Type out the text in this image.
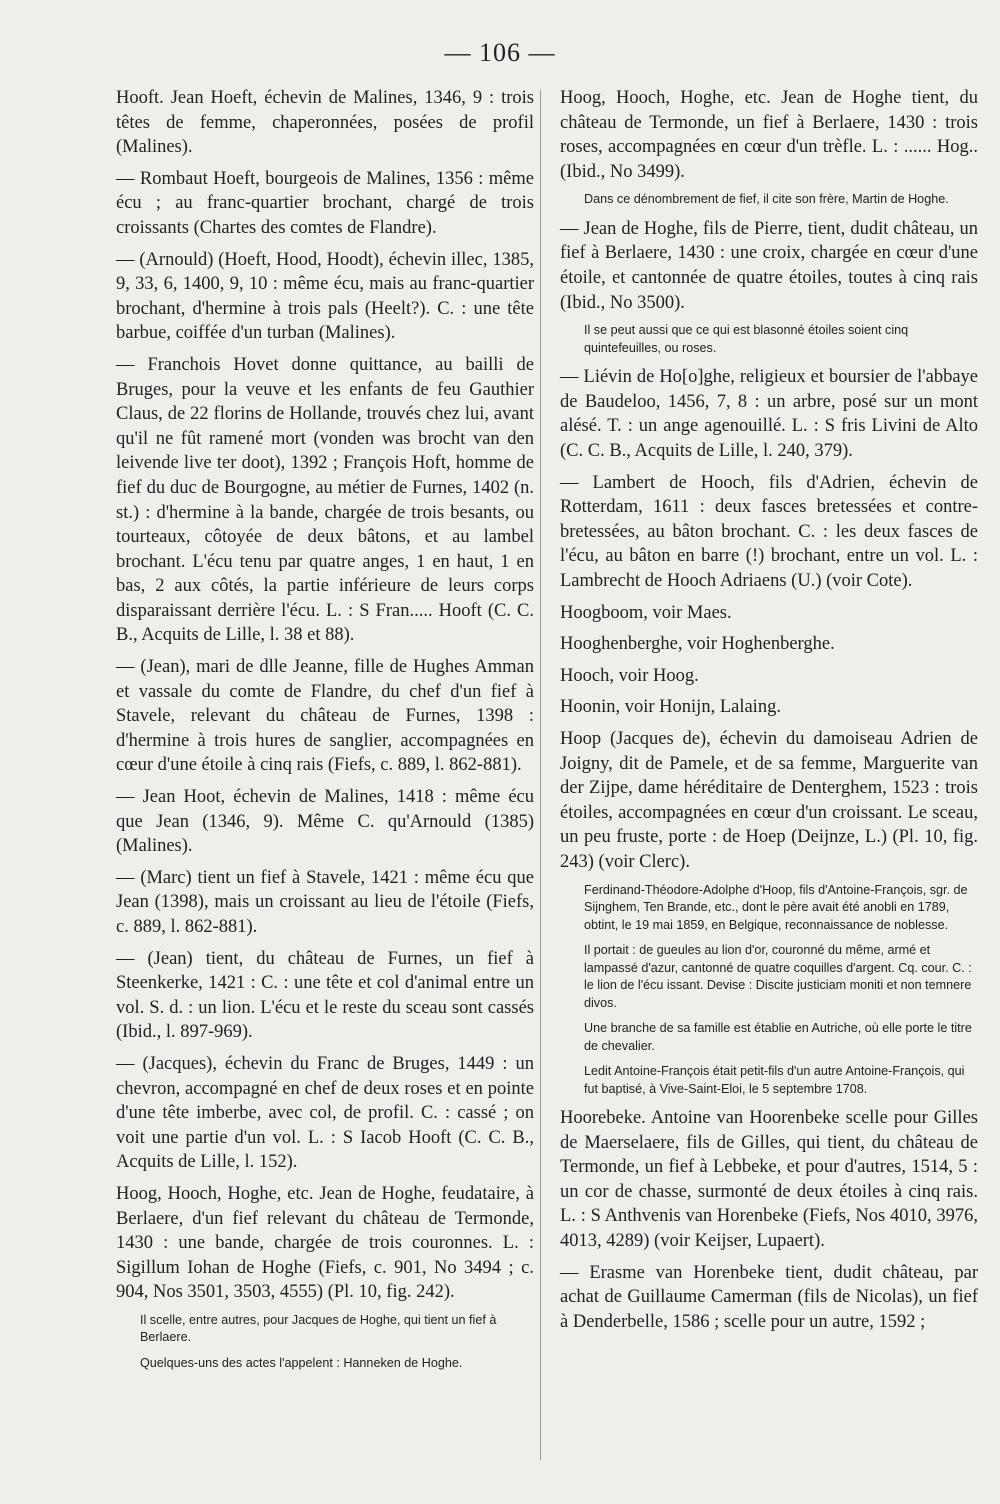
— 106 —

Hooft. Jean Hoeft, échevin de Malines, 1346, 9 : trois têtes de femme, chaperonnées, posées de profil (Malines).

— Rombaut Hoeft, bourgeois de Malines, 1356 : même écu ; au franc-quartier brochant, chargé de trois croissants (Chartes des comtes de Flandre).

— (Arnould) (Hoeft, Hood, Hoodt), échevin illec, 1385, 9, 33, 6, 1400, 9, 10 : même écu, mais au franc-quartier brochant, d'hermine à trois pals (Heelt?). C. : une tête barbue, coiffée d'un turban (Malines).

— Franchois Hovet donne quittance, au bailli de Bruges, pour la veuve et les enfants de feu Gauthier Claus, de 22 florins de Hollande, trouvés chez lui, avant qu'il ne fût ramené mort (vonden was brocht van den leivende live ter doot), 1392 ; François Hoft, homme de fief du duc de Bourgogne, au métier de Furnes, 1402 (n. st.) : d'hermine à la bande, chargée de trois besants, ou tourteaux, côtoyée de deux bâtons, et au lambel brochant. L'écu tenu par quatre anges, 1 en haut, 1 en bas, 2 aux côtés, la partie inférieure de leurs corps disparaissant derrière l'écu. L. : S Fran..... Hooft (C. C. B., Acquits de Lille, l. 38 et 88).

— (Jean), mari de dlle Jeanne, fille de Hughes Amman et vassale du comte de Flandre, du chef d'un fief à Stavele, relevant du château de Furnes, 1398 : d'hermine à trois hures de sanglier, accompagnées en cœur d'une étoile à cinq rais (Fiefs, c. 889, l. 862-881).

— Jean Hoot, échevin de Malines, 1418 : même écu que Jean (1346, 9). Même C. qu'Arnould (1385) (Malines).

— (Marc) tient un fief à Stavele, 1421 : même écu que Jean (1398), mais un croissant au lieu de l'étoile (Fiefs, c. 889, l. 862-881).

— (Jean) tient, du château de Furnes, un fief à Steenkerke, 1421 : C. : une tête et col d'animal entre un vol. S. d. : un lion. L'écu et le reste du sceau sont cassés (Ibid., l. 897-969).

— (Jacques), échevin du Franc de Bruges, 1449 : un chevron, accompagné en chef de deux roses et en pointe d'une tête imberbe, avec col, de profil. C. : cassé ; on voit une partie d'un vol. L. : S Iacob Hooft (C. C. B., Acquits de Lille, l. 152).

Hoog, Hooch, Hoghe, etc. Jean de Hoghe, feudataire, à Berlaere, d'un fief relevant du château de Termonde, 1430 : une bande, chargée de trois couronnes. L. : Sigillum Iohan de Hoghe (Fiefs, c. 901, No 3494 ; c. 904, Nos 3501, 3503, 4555) (Pl. 10, fig. 242).

Il scelle, entre autres, pour Jacques de Hoghe, qui tient un fief à Berlaere.

Quelques-uns des actes l'appelent : Hanneken de Hoghe.

Hoog, Hooch, Hoghe, etc. Jean de Hoghe tient, du château de Termonde, un fief à Berlaere, 1430 : trois roses, accompagnées en cœur d'un trèfle. L. : ...... Hog.. (Ibid., No 3499).

Dans ce dénombrement de fief, il cite son frère, Martin de Hoghe.

— Jean de Hoghe, fils de Pierre, tient, dudit château, un fief à Berlaere, 1430 : une croix, chargée en cœur d'une étoile, et cantonnée de quatre étoiles, toutes à cinq rais (Ibid., No 3500).

Il se peut aussi que ce qui est blasonné étoiles soient cinq quintefeuilles, ou roses.

— Liévin de Ho[o]ghe, religieux et boursier de l'abbaye de Baudeloo, 1456, 7, 8 : un arbre, posé sur un mont alésé. T. : un ange agenouillé. L. : S fris Livini de Alto (C. C. B., Acquits de Lille, l. 240, 379).

— Lambert de Hooch, fils d'Adrien, échevin de Rotterdam, 1611 : deux fasces bretessées et contre-bretessées, au bâton brochant. C. : les deux fasces de l'écu, au bâton en barre (!) brochant, entre un vol. L. : Lambrecht de Hooch Adriaens (U.) (voir Cote).

Hoogboom, voir Maes.

Hooghenberghe, voir Hoghenberghe.

Hooch, voir Hoog.

Hoonin, voir Honijn, Lalaing.

Hoop (Jacques de), échevin du damoiseau Adrien de Joigny, dit de Pamele, et de sa femme, Marguerite van der Zijpe, dame héréditaire de Denterghem, 1523 : trois étoiles, accompagnées en cœur d'un croissant. Le sceau, un peu fruste, porte : de Hoep (Deijnze, L.) (Pl. 10, fig. 243) (voir Clerc).

Ferdinand-Théodore-Adolphe d'Hoop, fils d'Antoine-François, sgr. de Sijnghem, Ten Brande, etc., dont le père avait été anobli en 1789, obtint, le 19 mai 1859, en Belgique, reconnaissance de noblesse.

Il portait : de gueules au lion d'or, couronné du même, armé et lampassé d'azur, cantonné de quatre coquilles d'argent. Cq. cour. C. : le lion de l'écu issant. Devise : Discite justiciam moniti et non temnere divos.

Une branche de sa famille est établie en Autriche, où elle porte le titre de chevalier.

Ledit Antoine-François était petit-fils d'un autre Antoine-François, qui fut baptisé, à Vive-Saint-Eloi, le 5 septembre 1708.

Hoorebeke. Antoine van Hoorenbeke scelle pour Gilles de Maerselaere, fils de Gilles, qui tient, du château de Termonde, un fief à Lebbeke, et pour d'autres, 1514, 5 : un cor de chasse, surmonté de deux étoiles à cinq rais. L. : S Anthvenis van Horenbeke (Fiefs, Nos 4010, 3976, 4013, 4289) (voir Keijser, Lupaert).

— Erasme van Horenbeke tient, dudit château, par achat de Guillaume Camerman (fils de Nicolas), un fief à Denderbelle, 1586 ; scelle pour un autre, 1592 ;
